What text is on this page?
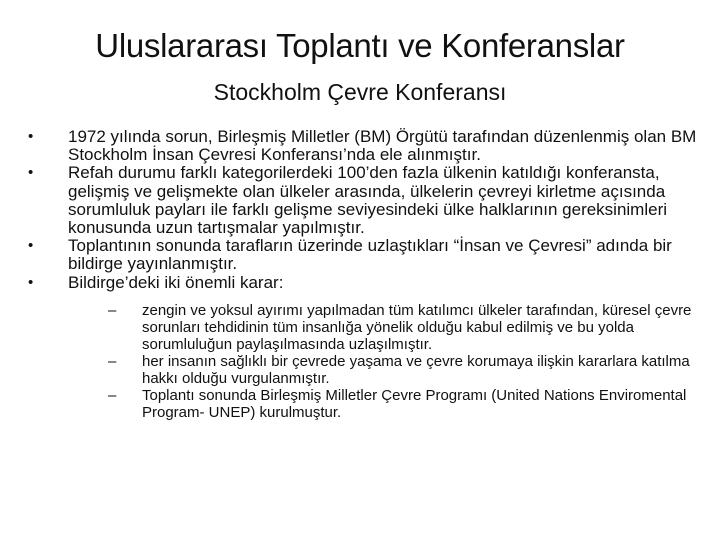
Uluslararası Toplantı ve Konferanslar
Stockholm Çevre Konferansı
•	1972 yılında sorun, Birleşmiş Milletler (BM) Örgütü tarafından düzenlenmiş olan BM Stockholm İnsan Çevresi Konferansı’nda ele alınmıştır.
•	Refah durumu farklı kategorilerdeki 100’den fazla ülkenin katıldığı konferansta, gelişmiş ve gelişmekte olan ülkeler arasında, ülkelerin çevreyi kirletme açısında sorumluluk payları ile farklı gelişme seviyesindeki ülke halklarının gereksinimleri konusunda uzun tartışmalar yapılmıştır.
•	Toplantının sonunda tarafların üzerinde uzlaştıkları “İnsan ve Çevresi” adında bir bildirge yayınlanmıştır.
•	Bildirge’deki iki önemli karar:
–	zengin ve yoksul ayırımı yapılmadan tüm katılımcı ülkeler tarafından, küresel çevre sorunları tehdidinin tüm insanlığa yönelik olduğu kabul edilmiş ve bu yolda sorumluluğun paylaşılmasında uzlaşılmıştır.
–	her insanın sağlıklı bir çevrede yaşama ve çevre korumaya ilişkin kararlara katılma hakkı olduğu vurgulanmıştır.
–	Toplantı sonunda Birleşmiş Milletler Çevre Programı (United Nations Enviromental Program- UNEP) kurulmuştur.
